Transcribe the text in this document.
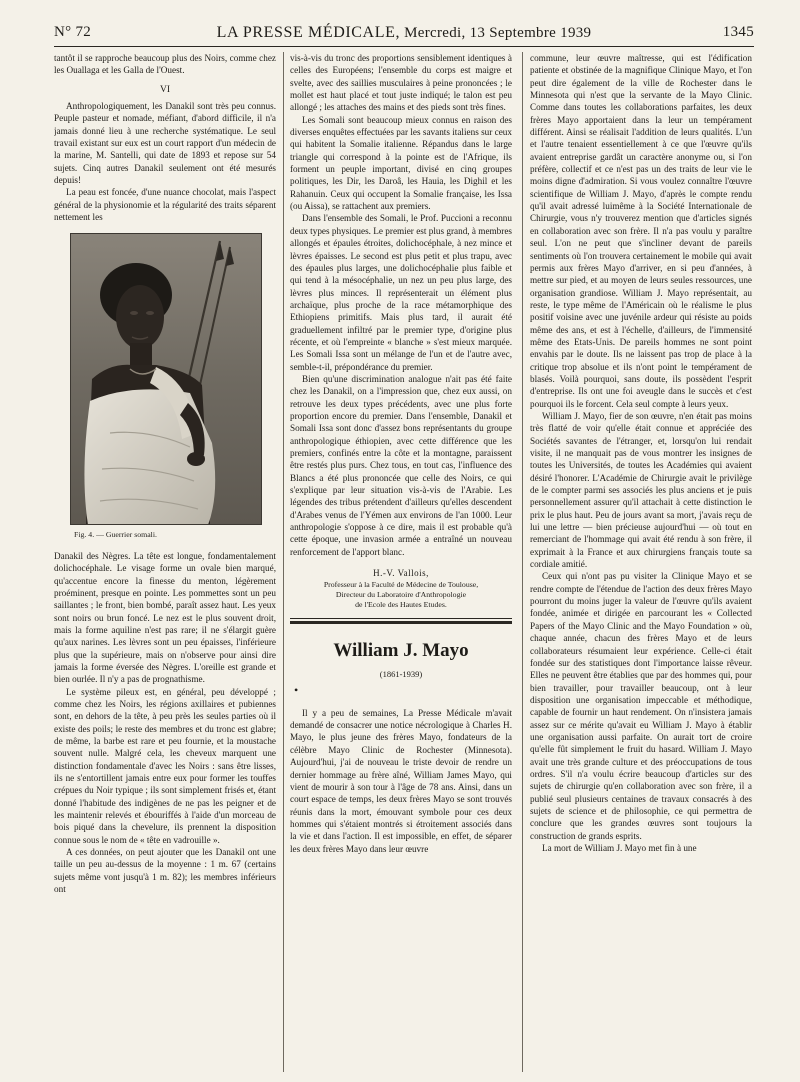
N° 72	LA PRESSE MÉDICALE, Mercredi, 13 Septembre 1939	1345

tantôt il se rapproche beaucoup plus des Noirs, comme chez les Ouallaga et les Galla de l'Ouest.

VI

Anthropologiquement, les Danakil sont très peu connus. Peuple pasteur et nomade, méfiant, d'abord difficile, il n'a jamais donné lieu à une recherche systématique. Le seul travail existant sur eux est un court rapport d'un médecin de la marine, M. Santelli, qui date de 1893 et repose sur 54 sujets. Cinq autres Danakil seulement ont été mesurés depuis!

La peau est foncée, d'une nuance chocolat, mais l'aspect général de la physionomie et la régularité des traits séparent nettement les

Fig. 4. — Guerrier somali.

Danakil des Nègres. La tête est longue, fondamentalement dolichocéphale. Le visage forme un ovale bien marqué, qu'accentue encore la finesse du menton, légèrement proéminent, presque en pointe. Les pommettes sont un peu saillantes ; le front, bien bombé, paraît assez haut. Les yeux sont noirs ou brun foncé. Le nez est le plus souvent droit, mais la forme aquiline n'est pas rare; il ne s'élargit guère qu'aux narines. Les lèvres sont un peu épaisses, l'inférieure plus que la supérieure, mais on n'observe pour ainsi dire jamais la forme éversée des Nègres. L'oreille est grande et bien ourlée. Il n'y a pas de prognathisme.

Le système pileux est, en général, peu développé ; comme chez les Noirs, les régions axillaires et pubiennes sont, en dehors de la tête, à peu près les seules parties où il existe des poils; le reste des membres et du tronc est glabre; de même, la barbe est rare et peu fournie, et la moustache souvent nulle. Malgré cela, les cheveux marquent une distinction fondamentale d'avec les Noirs : sans être lisses, ils ne s'entortillent jamais entre eux pour former les touffes crépues du Noir typique ; ils sont simplement frisés et, étant donné l'habitude des indigènes de ne pas les peigner et de les maintenir relevés et ébouriffés à l'aide d'un morceau de bois piqué dans la chevelure, ils prennent la disposition connue sous le nom de « tête en vadrouille ».

A ces données, on peut ajouter que les Danakil ont une taille un peu au-dessus de la moyenne : 1 m. 67 (certains sujets même vont jusqu'à 1 m. 82); les membres inférieurs ont

vis-à-vis du tronc des proportions sensiblement identiques à celles des Européens; l'ensemble du corps est maigre et svelte, avec des saillies musculaires à peine prononcées ; le mollet est haut placé et tout juste indiqué; le talon est peu allongé ; les attaches des mains et des pieds sont très fines.

Les Somali sont beaucoup mieux connus en raison des diverses enquêtes effectuées par les savants italiens sur ceux qui habitent la Somalie italienne. Répandus dans le large triangle qui correspond à la pointe est de l'Afrique, ils forment un peuple important, divisé en cinq groupes politiques, les Dir, les Daroâ, les Hauia, les Dighil et les Rahanuin. Ceux qui occupent la Somalie française, les Issa (ou Aissa), se rattachent aux premiers.

Dans l'ensemble des Somali, le Prof. Puccioni a reconnu deux types physiques. Le premier est plus grand, à membres allongés et épaules étroites, dolichocéphale, à nez mince et lèvres épaisses. Le second est plus petit et plus trapu, avec des épaules plus larges, une dolichocéphalie plus faible et qui tend à la mésocéphalie, un nez un peu plus large, des lèvres plus minces. Il représenterait un élément plus archaïque, plus proche de la race métamorphique des Ethiopiens primitifs. Mais plus tard, il aurait été graduellement infiltré par le premier type, d'origine plus récente, et où l'empreinte « blanche » s'est mieux marquée. Les Somali Issa sont un mélange de l'un et de l'autre avec, semble-t-il, prépondérance du premier.

Bien qu'une discrimination analogue n'ait pas été faite chez les Danakil, on a l'impression que, chez eux aussi, on retrouve les deux types précédents, avec une plus forte proportion encore du premier. Dans l'ensemble, Danakil et Somali Issa sont donc d'assez bons représentants du groupe anthropologique éthiopien, avec cette différence que les premiers, confinés entre la côte et la montagne, paraissent être restés plus purs. Chez tous, en tout cas, l'influence des Blancs a été plus prononcée que celle des Noirs, ce qui s'explique par leur situation vis-à-vis de l'Arabie. Les légendes des tribus prétendent d'ailleurs qu'elles descendent d'Arabes venus de l'Yémen aux environs de l'an 1000. Leur anthropologie s'oppose à ce dire, mais il est probable qu'à cette époque, une invasion armée a entraîné un nouveau renforcement de l'apport blanc.

H.-V. Vallois,
Professeur à la Faculté de Médecine de Toulouse,
Directeur du Laboratoire d'Anthropologie
de l'Ecole des Hautes Etudes.
William J. Mayo
(1861-1939)

•

Il y a peu de semaines, La Presse Médicale m'avait demandé de consacrer une notice nécrologique à Charles H. Mayo, le plus jeune des frères Mayo, fondateurs de la célèbre Mayo Clinic de Rochester (Minnesota). Aujourd'hui, j'ai de nouveau le triste devoir de rendre un dernier hommage au frère aîné, William James Mayo, qui vient de mourir à son tour à l'âge de 78 ans. Ainsi, dans un court espace de temps, les deux frères Mayo se sont trouvés réunis dans la mort, émouvant symbole pour ces deux hommes qui s'étaient montrés si étroitement associés dans la vie et dans l'action. Il est impossible, en effet, de séparer les deux frères Mayo dans leur œuvre

commune, leur œuvre maîtresse, qui est l'édification patiente et obstinée de la magnifique Clinique Mayo, et l'on peut dire également de la ville de Rochester dans le Minnesota qui n'est que la servante de la Mayo Clinic. Comme dans toutes les collaborations parfaites, les deux frères Mayo apportaient dans la leur un tempérament différent. Ainsi se réalisait l'addition de leurs qualités. L'un et l'autre tenaient essentiellement à ce que l'œuvre qu'ils avaient entreprise gardât un caractère anonyme ou, si l'on préfère, collectif et ce n'est pas un des traits de leur vie le moins digne d'admiration. Si vous voulez connaître l'œuvre scientifique de William J. Mayo, d'après le compte rendu qu'il avait adressé luimême à la Société Internationale de Chirurgie, vous n'y trouverez mention que d'articles signés en collaboration avec son frère. Il n'a pas voulu y paraître seul. L'on ne peut que s'incliner devant de pareils sentiments où l'on trouvera certainement le mobile qui avait permis aux frères Mayo d'arriver, en si peu d'années, à mettre sur pied, et au moyen de leurs seules ressources, une organisation grandiose. William J. Mayo représentait, au reste, le type même de l'Américain où le réalisme le plus positif voisine avec une juvénile ardeur qui résiste au poids même des ans, et est à l'échelle, d'ailleurs, de l'immensité même des Etats-Unis. De pareils hommes ne sont point envahis par le doute. Ils ne laissent pas trop de place à la critique trop absolue et ils n'ont point le tempérament de blasés. Voilà pourquoi, sans doute, ils possèdent l'esprit d'entreprise. Ils ont une foi aveugle dans le succès et c'est pourquoi ils le forcent. Cela seul compte à leurs yeux.

William J. Mayo, fier de son œuvre, n'en était pas moins très flatté de voir qu'elle était connue et appréciée des Sociétés savantes de l'étranger, et, lorsqu'on lui rendait visite, il ne manquait pas de vous montrer les insignes de toutes les Universités, de toutes les Académies qui avaient désiré l'honorer. L'Académie de Chirurgie avait le privilège de le compter parmi ses associés les plus anciens et je puis personnellement assurer qu'il attachait à cette distinction le prix le plus haut. Peu de jours avant sa mort, j'avais reçu de lui une lettre — bien précieuse aujourd'hui — où tout en remerciant de l'hommage qui avait été rendu à son frère, il exprimait à la France et aux chirurgiens français toute sa cordiale amitié.

Ceux qui n'ont pas pu visiter la Clinique Mayo et se rendre compte de l'étendue de l'action des deux frères Mayo pourront du moins juger la valeur de l'œuvre qu'ils avaient fondée, animée et dirigée en parcourant les « Collected Papers of the Mayo Clinic and the Mayo Foundation » où, chaque année, chacun des frères Mayo et de leurs collaborateurs résumaient leur expérience. Celle-ci était fondée sur des statistiques dont l'importance laisse rêveur. Elles ne peuvent être établies que par des hommes qui, pour bien travailler, pour travailler beaucoup, ont à leur disposition une organisation impeccable et méthodique, capable de fournir un haut rendement. On n'insistera jamais assez sur ce mérite qu'avait eu William J. Mayo à établir une organisation aussi parfaite. On aurait tort de croire qu'elle fût simplement le fruit du hasard. William J. Mayo avait une très grande culture et des préoccupations de tous ordres. S'il n'a voulu écrire beaucoup d'articles sur des sujets de chirurgie qu'en collaboration avec son frère, il a publié seul plusieurs centaines de travaux consacrés à des sujets de science et de philosophie, ce qui permettra de conclure que les grandes œuvres sont toujours la construction de grands esprits.

La mort de William J. Mayo met fin à une
